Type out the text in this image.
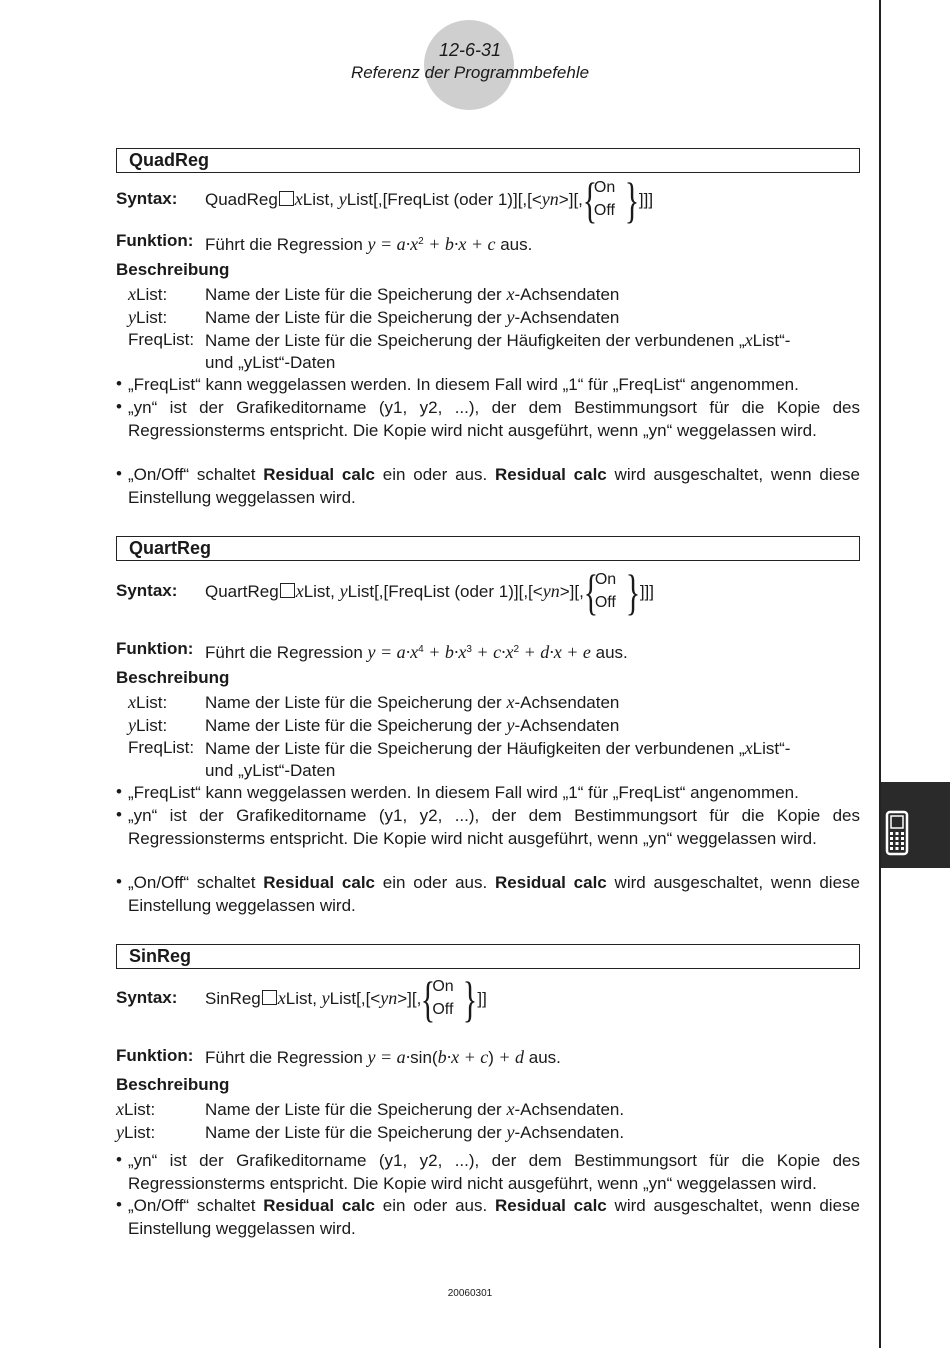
12-6-31
Referenz der Programmbefehle
QuadReg
Syntax: QuadReg xList, yList[,[FreqList (oder 1)][,[<yn>][, {
On
Off } ]]]
Funktion: Führt die Regression $y = a\cdot x^2 + b\cdot x + c$ aus.
Beschreibung
xList: Name der Liste für die Speicherung der x-Achsendaten
yList: Name der Liste für die Speicherung der y-Achsendaten
FreqList: Name der Liste für die Speicherung der Häufigkeiten der verbundenen „xList“-
und „yList“-Daten
• „FreqList“ kann weggelassen werden. In diesem Fall wird „1“ für „FreqList“ angenommen.
• „yn“ ist der Grafikeditorname (y1, y2, ...), der dem Bestimmungsort für die Kopie des Regressionsterms entspricht. Die Kopie wird nicht ausgeführt, wenn „yn“ weggelassen wird.
• „On/Off“ schaltet Residual calc ein oder aus. Residual calc wird ausgeschaltet, wenn diese Einstellung weggelassen wird.
QuartReg
Syntax: QuartReg xList, yList[,[FreqList (oder 1)][,[<yn>][, {
On
Off } ]]]
Funktion: Führt die Regression $y = a\cdot x^4 + b\cdot x^3 + c\cdot x^2 + d\cdot x + e$ aus.
Beschreibung
xList: Name der Liste für die Speicherung der x-Achsendaten
yList: Name der Liste für die Speicherung der y-Achsendaten
FreqList: Name der Liste für die Speicherung der Häufigkeiten der verbundenen „xList“-
und „yList“-Daten
• „FreqList“ kann weggelassen werden. In diesem Fall wird „1“ für „FreqList“ angenommen.
• „yn“ ist der Grafikeditorname (y1, y2, ...), der dem Bestimmungsort für die Kopie des Regressionsterms entspricht. Die Kopie wird nicht ausgeführt, wenn „yn“ weggelassen wird.
• „On/Off“ schaltet Residual calc ein oder aus. Residual calc wird ausgeschaltet, wenn diese Einstellung weggelassen wird.
SinReg
Syntax: SinReg xList, yList[,[<yn>][, {
On
Off } ]]
Funktion: Führt die Regression y = a·sin(b·x + c) + d aus.
Beschreibung
xList:	Name der Liste für die Speicherung der x-Achsendaten.
yList:	Name der Liste für die Speicherung der y-Achsendaten.
• „yn“ ist der Grafikeditorname (y1, y2, ...), der dem Bestimmungsort für die Kopie des Regressionsterms entspricht. Die Kopie wird nicht ausgeführt, wenn „yn“ weggelassen wird.
• „On/Off“ schaltet Residual calc ein oder aus. Residual calc wird ausgeschaltet, wenn diese Einstellung weggelassen wird.
20060301
